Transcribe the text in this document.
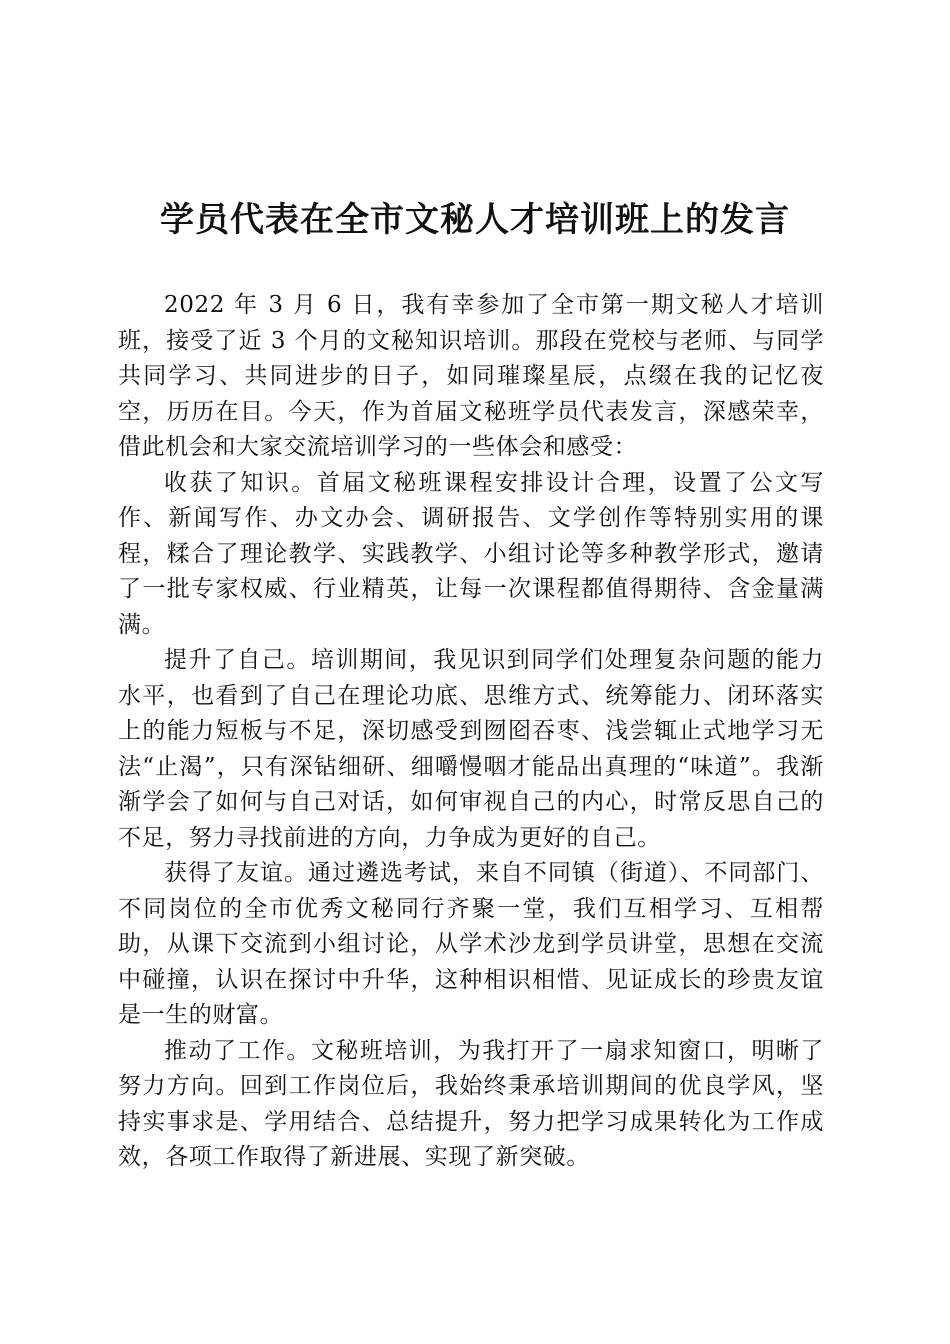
学员代表在全市文秘人才培训班上的发言

2022 年 3 月 6 日，我有幸参加了全市第一期文秘人才培训班，接受了近 3 个月的文秘知识培训。那段在党校与老师、与同学共同学习、共同进步的日子，如同璀璨星辰，点缀在我的记忆夜空，历历在目。今天，作为首届文秘班学员代表发言，深感荣幸，借此机会和大家交流培训学习的一些体会和感受：

收获了知识。首届文秘班课程安排设计合理，设置了公文写作、新闻写作、办文办会、调研报告、文学创作等特别实用的课程，糅合了理论教学、实践教学、小组讨论等多种教学形式，邀请了一批专家权威、行业精英，让每一次课程都值得期待、含金量满满。

提升了自己。培训期间，我见识到同学们处理复杂问题的能力水平，也看到了自己在理论功底、思维方式、统筹能力、闭环落实上的能力短板与不足，深切感受到囫囵吞枣、浅尝辄止式地学习无法“止渴”，只有深钻细研、细嚼慢咽才能品出真理的“味道”。我渐渐学会了如何与自己对话，如何审视自己的内心，时常反思自己的不足，努力寻找前进的方向，力争成为更好的自己。

获得了友谊。通过遴选考试，来自不同镇（街道）、不同部门、不同岗位的全市优秀文秘同行齐聚一堂，我们互相学习、互相帮助，从课下交流到小组讨论，从学术沙龙到学员讲堂，思想在交流中碰撞，认识在探讨中升华，这种相识相惜、见证成长的珍贵友谊是一生的财富。

推动了工作。文秘班培训，为我打开了一扇求知窗口，明晰了努力方向。回到工作岗位后，我始终秉承培训期间的优良学风，坚持实事求是、学用结合、总结提升，努力把学习成果转化为工作成效，各项工作取得了新进展、实现了新突破。
